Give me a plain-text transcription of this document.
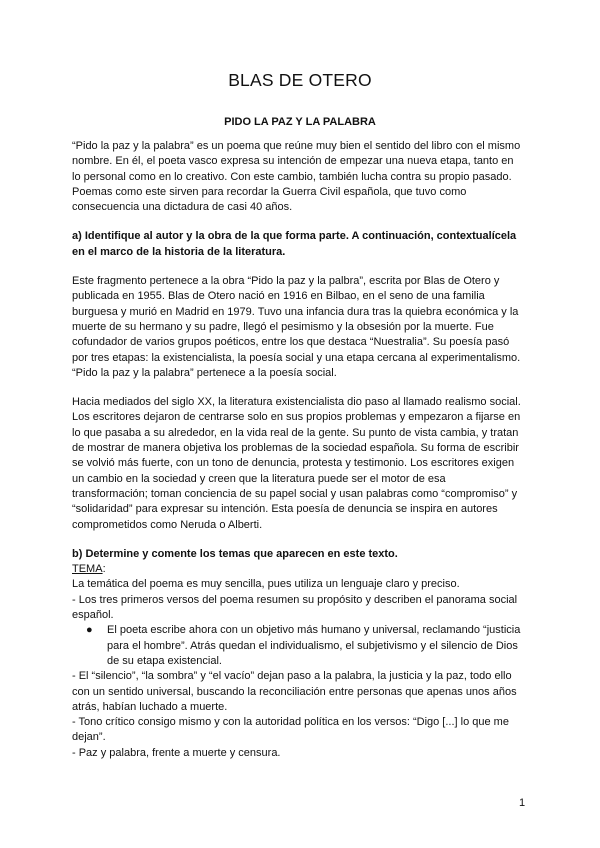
BLAS DE OTERO
PIDO LA PAZ Y LA PALABRA

“Pido la paz y la palabra” es un poema que reúne muy bien el sentido del libro con el mismo
nombre. En él, el poeta vasco expresa su intención de empezar una nueva etapa, tanto en
lo personal como en lo creativo. Con este cambio, también lucha contra su propio pasado.
Poemas como este sirven para recordar la Guerra Civil española, que tuvo como
consecuencia una dictadura de casi 40 años.

a) Identifique al autor y la obra de la que forma parte. A continuación, contextualícela
en el marco de la historia de la literatura.

Este fragmento pertenece a la obra “Pido la paz y la palbra”, escrita por Blas de Otero y
publicada en 1955. Blas de Otero nació en 1916 en Bilbao, en el seno de una familia
burguesa y murió en Madrid en 1979. Tuvo una infancia dura tras la quiebra económica y la
muerte de su hermano y su padre, llegó el pesimismo y la obsesión por la muerte. Fue
cofundador de varios grupos poéticos, entre los que destaca “Nuestralia”. Su poesía pasó
por tres etapas: la existencialista, la poesía social y una etapa cercana al experimentalismo.
“Pido la paz y la palabra” pertenece a la poesía social.

Hacia mediados del siglo XX, la literatura existencialista dio paso al llamado realismo social.
Los escritores dejaron de centrarse solo en sus propios problemas y empezaron a fijarse en
lo que pasaba a su alrededor, en la vida real de la gente. Su punto de vista cambia, y tratan
de mostrar de manera objetiva los problemas de la sociedad española. Su forma de escribir
se volvió más fuerte, con un tono de denuncia, protesta y testimonio. Los escritores exigen
un cambio en la sociedad y creen que la literatura puede ser el motor de esa
transformación; toman conciencia de su papel social y usan palabras como “compromiso” y
“solidaridad” para expresar su intención. Esta poesía de denuncia se inspira en autores
comprometidos como Neruda o Alberti.

b) Determine y comente los temas que aparecen en este texto.

TEMA:

La temática del poema es muy sencilla, pues utiliza un lenguaje claro y preciso.
- Los tres primeros versos del poema resumen su propósito y describen el panorama social
español.

● El poeta escribe ahora con un objetivo más humano y universal, reclamando “justicia
para el hombre”. Atrás quedan el individualismo, el subjetivismo y el silencio de Dios
de su etapa existencial.

- El “silencio”, “la sombra” y “el vacío” dejan paso a la palabra, la justicia y la paz, todo ello
con un sentido universal, buscando la reconciliación entre personas que apenas unos años
atrás, habían luchado a muerte.
- Tono crítico consigo mismo y con la autoridad política en los versos: “Digo [...] lo que me
dejan”.
- Paz y palabra, frente a muerte y censura.

1
